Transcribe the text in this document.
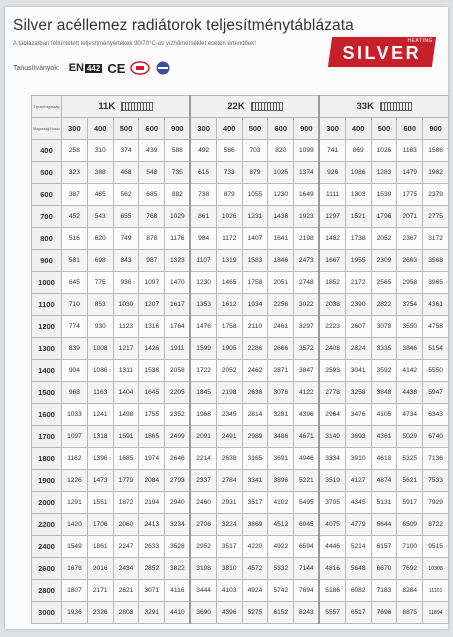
Silver acéllemez radiátorok teljesítménytáblázata
A táblázatban feltüntetett teljesítményértékek 90/70°C-os vízhőmérséklet esetén értendőek!
Tanusítványok: EN 442 CE
HEATING
SILVER
Típus/magasság	11K					22K					33K				
Magasság/Hossz	300	400	500	600	900	300	400	500	600	900	300	400	500	600	900
400	258	310	374	439	588	492	586	703	820	1099	741	869	1026	1183	1586
500	323	388	468	548	735	615	733	879	1025	1374	926	1086	1283	1479	1982
600	387	465	562	685	882	738	879	1055	1230	1649	1111	1303	1539	1775	2379
700	452	543	655	768	1029	861	1026	1231	1436	1923	1297	1521	1796	2071	2775
800	516	620	749	878	1176	984	1172	1407	1641	2198	1482	1738	2052	2367	3172
900	581	698	843	987	1323	1107	1319	1583	1846	2473	1667	1955	2309	2663	3568
1000	645	775	936	1097	1470	1230	1465	1758	2051	2748	1852	2172	2565	2958	3965
1100	710	853	1030	1207	1617	1353	1612	1934	2256	3022	2038	2390	2822	3254	4361
1200	774	930	1123	1316	1764	1476	1758	2110	2461	3297	2223	2607	3078	3550	4758
1300	839	1008	1217	1426	1911	1599	1905	2286	2666	3572	2408	2824	3335	3846	5154
1400	904	1086	1311	1536	2058	1722	2052	2462	2871	3847	2593	3041	3592	4142	5550
1500	968	1163	1404	1645	2205	1845	2198	2638	3076	4122	2778	3258	3848	4438	5947
1600	1033	1241	1498	1755	2352	1968	2345	2814	3281	4396	2964	3476	4105	4734	6343
1700	1097	1318	1591	1865	2499	2091	2491	2989	3486	4671	3149	3693	4361	5029	6740
1800	1162	1396	1685	1974	2646	2214	2638	3165	3691	4946	3334	3910	4618	5325	7136
1900	1226	1473	1779	2084	2793	2337	2784	3341	3896	5221	3519	4127	4874	5621	7533
2000	1291	1551	1872	2194	2940	2460	2931	3517	4102	5495	3705	4345	5131	5917	7929
2200	1420	1706	2060	2413	3234	2706	3224	3869	4512	6045	4075	4779	5644	6509	8722
2400	1549	1861	2247	2633	3528	2952	3517	4220	4922	6594	4446	5214	6157	7100	9515
2600	1678	2016	2434	2852	3822	3198	3810	4572	5332	7144	4816	5648	6670	7692	10308
2800	1807	2171	2621	3071	4116	3444	4103	4924	5742	7694	5186	6082	7183	8284	11101
3000	1936	2326	2808	3291	4410	3690	4396	5275	6152	8243	5557	6517	7696	8875	11894
